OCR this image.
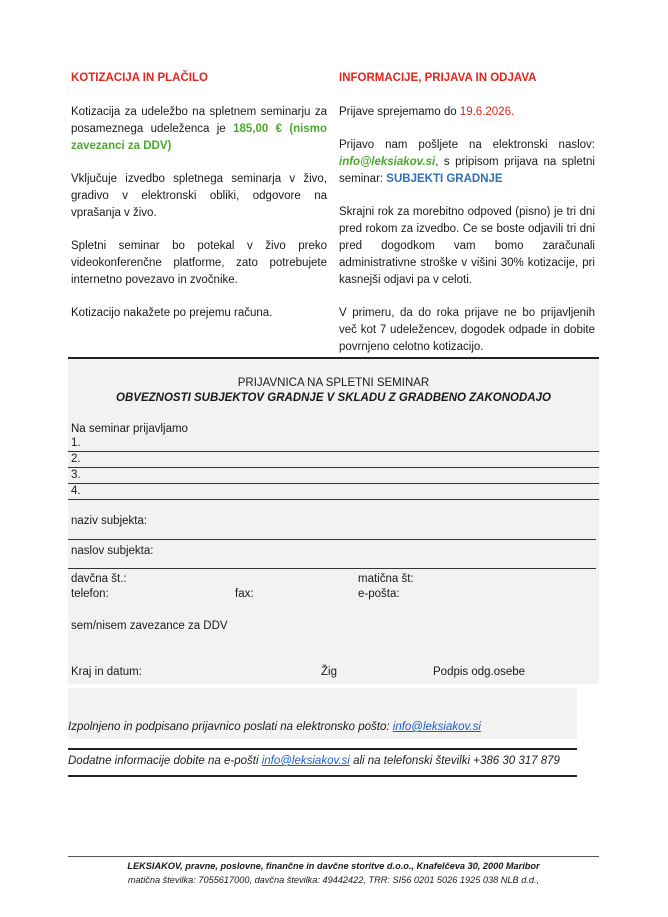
KOTIZACIJA IN PLAČILO

Kotizacija za udeležbo na spletnem seminarju za posameznega udeleženca je 185,00 € (nismo zavezanci za DDV)

Vključuje izvedbo spletnega seminarja v živo, gradivo v elektronski obliki, odgovore na vprašanja v živo.

Spletni seminar bo potekal v živo preko videokonferenčne platforme, zato potrebujete internetno povezavo in zvočnike.

Kotizacijo nakažete po prejemu računa.

INFORMACIJE, PRIJAVA IN ODJAVA

Prijave sprejemamo do 19.6.2026.

Prijavo nam pošljete na elektronski naslov: info@leksiakov.si, s pripisom prijava na spletni seminar: SUBJEKTI GRADNJE

Skrajni rok za morebitno odpoved (pisno) je tri dni pred rokom za izvedbo. Ce se boste odjavili tri dni pred dogodkom vam bomo zaračunali administrativne stroške v višini 30% kotizacije, pri kasnejši odjavi pa v celoti.

V primeru, da do roka prijave ne bo prijavljenih več kot 7 udeležencev, dogodek odpade in dobite povrnjeno celotno kotizacijo.

PRIJAVNICA NA SPLETNI SEMINAR
OBVEZNOSTI SUBJEKTOV GRADNJE V SKLADU Z GRADBENO ZAKONODAJO
Na seminar prijavljamo
1.
2.
3.
4.
naziv subjekta:
naslov subjekta:
davčna št.:	matična št:
telefon:	fax:	e-pošta:
sem/nisem zavezance za DDV
Kraj in datum:	Žig	Podpis odg.osebe
Izpolnjeno in podpisano prijavnico poslati na elektronsko pošto: info@leksiakov.si
Dodatne informacije dobite na e-pošti info@leksiakov.si ali na telefonski številki +386 30 317 879
LEKSIAKOV, pravne, poslovne, finančne in davčne storitve d.o.o., Knafelčeva 30, 2000 Maribor
matična številka: 7055617000, davčna številka: 49442422, TRR: SI56 0201 5026 1925 038 NLB d.d.,
